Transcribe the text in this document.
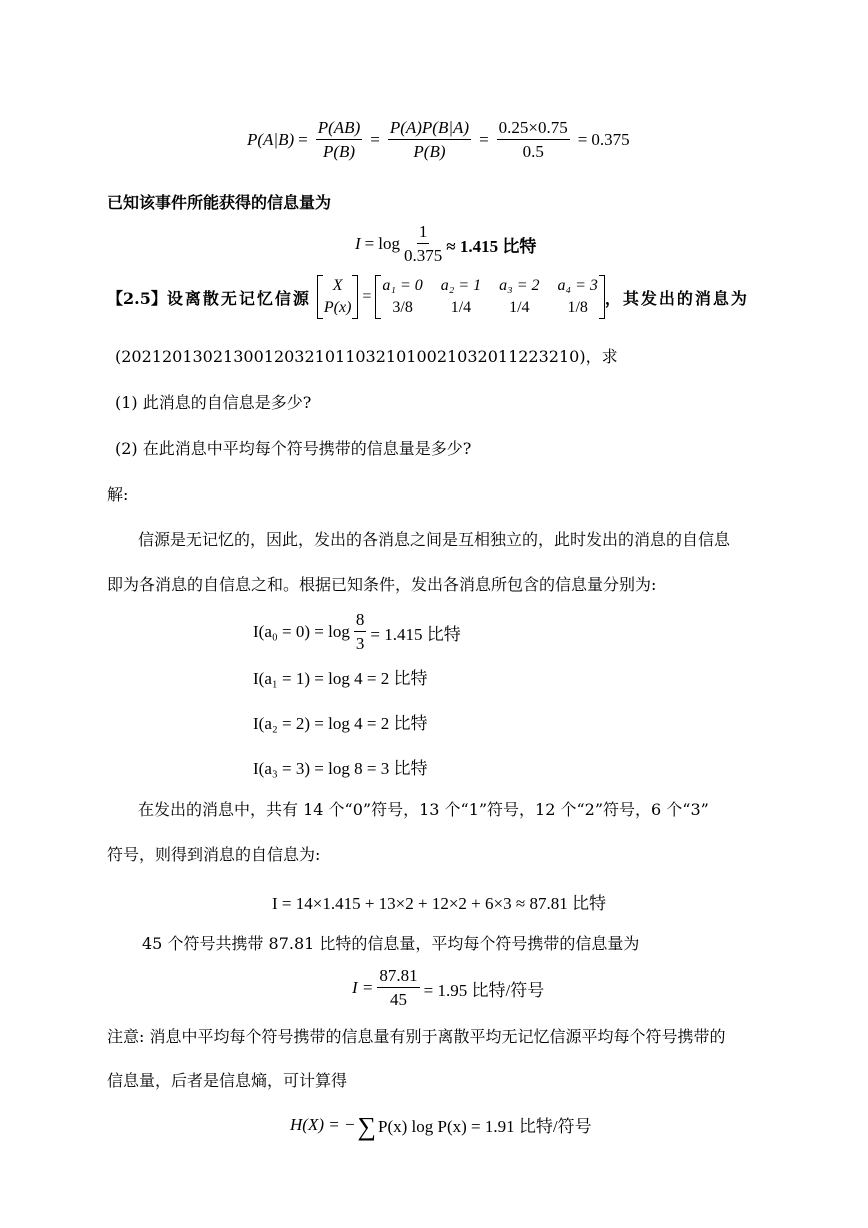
$P(A|B) = \frac{P(AB)}{P(B)} = \frac{P(A)P(B|A)}{P(B)} = \frac{0.25\times 0.75}{0.5} = 0.375$
已知该事件所能获得的信息量为
$I = \log \frac{1}{0.375} \approx 1.415$ 比特
【2.5】 设离散无记忆信源
X
P(x)
=
a₁ = 0 a₂ = 1 a₃ = 2 a₄ = 3
3/8	1/4	1/4	1/8	，其发出的消息为
(202120130213001203210110321010021032011223210)，求
(1) 此消息的自信息是多少?
(2) 在此消息中平均每个符号携带的信息量是多少?
解:
信源是无记忆的，因此，发出的各消息之间是互相独立的，此时发出的消息的自信息
即为各消息的自信息之和。根据已知条件，发出各消息所包含的信息量分别为:
$I(a_0 = 0) = \log \frac{8}{3} = 1.415$ 比特
I(a₁ = 1) = log 4 = 2 比特
I(a₂ = 2) = log 4 = 2 比特
I(a₃ = 3) = log 8 = 3 比特
在发出的消息中，共有 14 个“0”符号，13 个“1”符号，12 个“2”符号，6 个“3”
符号，则得到消息的自信息为:
I = 14×1.415 + 13×2 + 12×2 + 6×3 ≈ 87.81 比特
45 个符号共携带 87.81 比特的信息量，平均每个符号携带的信息量为
$I = \frac{87.81}{45} = 1.95$ 比特/符号
注意: 消息中平均每个符号携带的信息量有别于离散平均无记忆信源平均每个符号携带的
信息量，后者是信息熵，可计算得
H(X) = − ∑ P(x) log P(x) = 1.91 比特/符号
